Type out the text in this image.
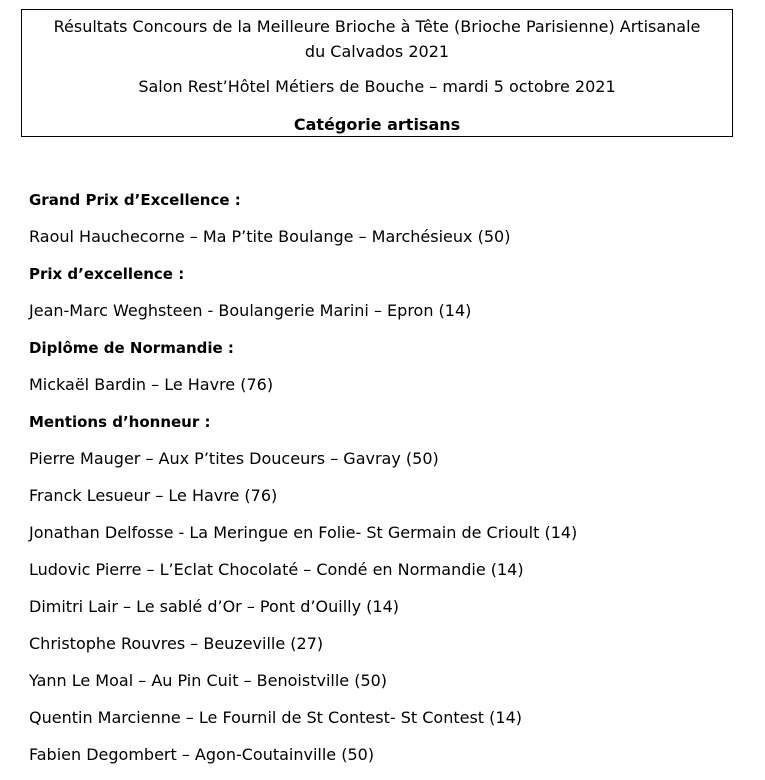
Résultats Concours de la Meilleure Brioche à Tête (Brioche Parisienne) Artisanale du Calvados 2021

Salon Rest’Hôtel Métiers de Bouche – mardi 5 octobre 2021

Catégorie artisans

Grand Prix d’Excellence :
Raoul Hauchecorne – Ma P’tite Boulange – Marchésieux (50)
Prix d’excellence :
Jean-Marc Weghsteen - Boulangerie Marini – Epron (14)
Diplôme de Normandie :
Mickaël Bardin – Le Havre (76)
Mentions d’honneur :
Pierre Mauger – Aux P’tites Douceurs – Gavray (50)
Franck Lesueur – Le Havre (76)
Jonathan Delfosse - La Meringue en Folie- St Germain de Crioult (14)
Ludovic Pierre – L’Eclat Chocolaté – Condé en Normandie (14)
Dimitri Lair – Le sablé d’Or – Pont d’Ouilly (14)
Christophe Rouvres – Beuzeville (27)
Yann Le Moal – Au Pin Cuit – Benoistville (50)
Quentin Marcienne – Le Fournil de St Contest- St Contest (14)
Fabien Degombert – Agon-Coutainville (50)
